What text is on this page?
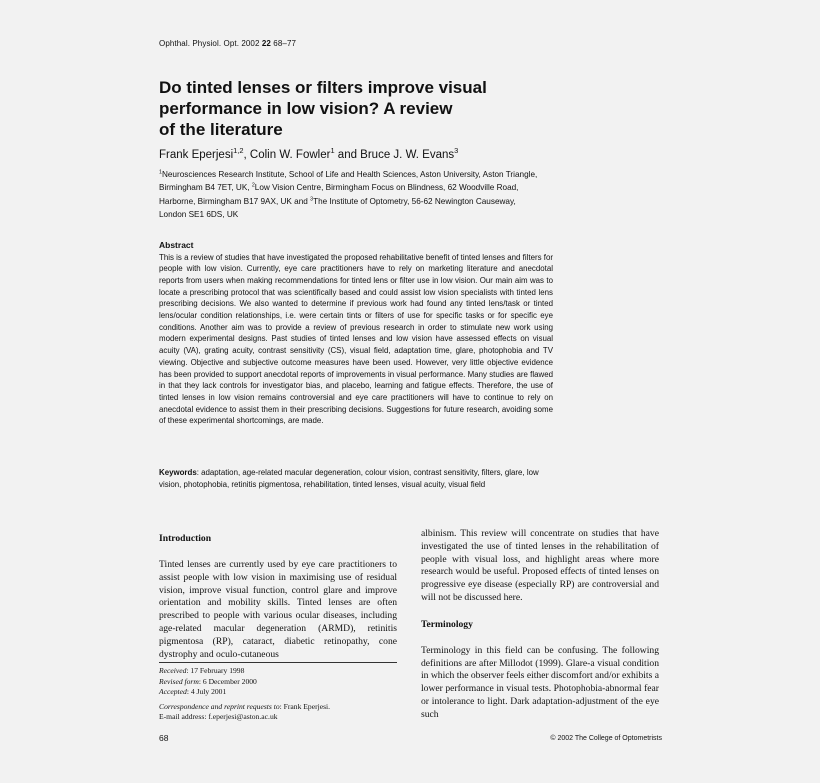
Ophthal. Physiol. Opt. 2002 22 68–77
Do tinted lenses or filters improve visual
performance in low vision? A review
of the literature
Frank Eperjesi$^{1,2}$, Colin W. Fowler$^1$ and Bruce J. W. Evans$^3$
$^1$Neurosciences Research Institute, School of Life and Health Sciences, Aston University, Aston Triangle, Birmingham B4 7ET, UK, $^2$Low Vision Centre, Birmingham Focus on Blindness, 62 Woodville Road, Harborne, Birmingham B17 9AX, UK and $^3$The Institute of Optometry, 56-62 Newington Causeway, London SE1 6DS, UK
Abstract
This is a review of studies that have investigated the proposed rehabilitative benefit of tinted lenses and filters for people with low vision. Currently, eye care practitioners have to rely on marketing literature and anecdotal reports from users when making recommendations for tinted lens or filter use in low vision. Our main aim was to locate a prescribing protocol that was scientifically based and could assist low vision specialists with tinted lens prescribing decisions. We also wanted to determine if previous work had found any tinted lens/task or tinted lens/ocular condition relationships, i.e. were certain tints or filters of use for specific tasks or for specific eye conditions. Another aim was to provide a review of previous research in order to stimulate new work using modern experimental designs. Past studies of tinted lenses and low vision have assessed effects on visual acuity (VA), grating acuity, contrast sensitivity (CS), visual field, adaptation time, glare, photophobia and TV viewing. Objective and subjective outcome measures have been used. However, very little objective evidence has been provided to support anecdotal reports of improvements in visual performance. Many studies are flawed in that they lack controls for investigator bias, and placebo, learning and fatigue effects. Therefore, the use of tinted lenses in low vision remains controversial and eye care practitioners will have to continue to rely on anecdotal evidence to assist them in their prescribing decisions. Suggestions for future research, avoiding some of these experimental shortcomings, are made.
Keywords: adaptation, age-related macular degeneration, colour vision, contrast sensitivity, filters, glare, low vision, photophobia, retinitis pigmentosa, rehabilitation, tinted lenses, visual acuity, visual field
Introduction
Tinted lenses are currently used by eye care practitioners to assist people with low vision in maximising use of residual vision, improve visual function, control glare and improve orientation and mobility skills. Tinted lenses are often prescribed to people with various ocular diseases, including age-related macular degeneration (ARMD), retinitis pigmentosa (RP), cataract, diabetic retinopathy, cone dystrophy and oculo-cutaneous
Received: 17 February 1998
Revised form: 6 December 2000
Accepted: 4 July 2001
Correspondence and reprint requests to: Frank Eperjesi.
E-mail address: f.eperjesi@aston.ac.uk
albinism. This review will concentrate on studies that have investigated the use of tinted lenses in the rehabilitation of people with visual loss, and highlight areas where more research would be useful. Proposed effects of tinted lenses on progressive eye disease (especially RP) are controversial and will not be discussed here.
Terminology
Terminology in this field can be confusing. The following definitions are after Millodot (1999). Glare-a visual condition in which the observer feels either discomfort and/or exhibits a lower performance in visual tests. Photophobia-abnormal fear or intolerance to light. Dark adaptation-adjustment of the eye such
68	© 2002 The College of Optometrists
